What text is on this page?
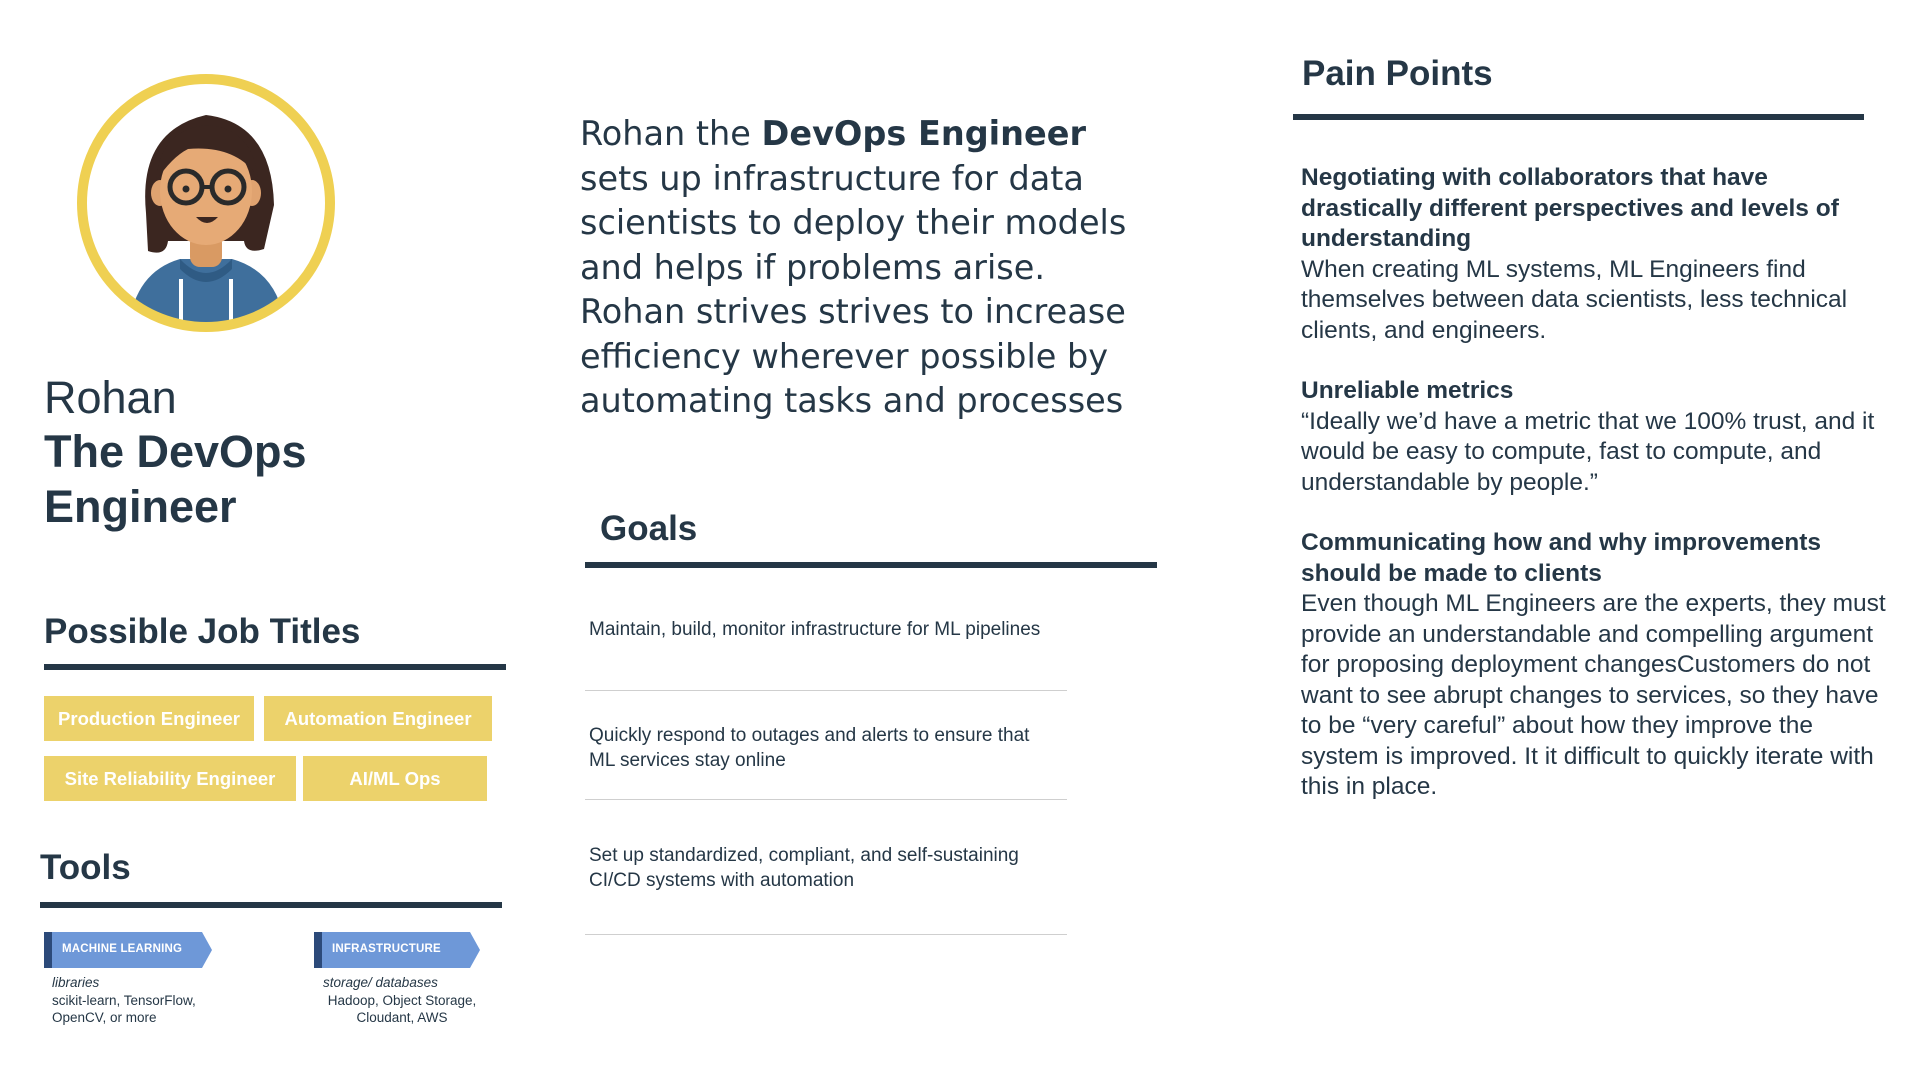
Rohan
The DevOps
Engineer
Possible Job Titles
Production Engineer	Automation Engineer
Site Reliability Engineer	AI/ML Ops
Tools
MACHINE LEARNING
libraries
scikit-learn, TensorFlow,
OpenCV, or more
INFRASTRUCTURE
storage/ databases
Hadoop, Object Storage,
Cloudant, AWS
Rohan the DevOps Engineer sets up infrastructure for data scientists to deploy their models and helps if problems arise. Rohan strives strives to increase efficiency wherever possible by automating tasks and processes
Goals
Maintain, build, monitor infrastructure for ML pipelines
Quickly respond to outages and alerts to ensure that ML services stay online
Set up standardized, compliant, and self-sustaining CI/CD systems with automation
Pain Points
Negotiating with collaborators that have drastically different perspectives and levels of understanding
When creating ML systems, ML Engineers find themselves between data scientists, less technical clients, and engineers.
Unreliable metrics
“Ideally we’d have a metric that we 100% trust, and it would be easy to compute, fast to compute, and understandable by people.”
Communicating how and why improvements should be made to clients
Even though ML Engineers are the experts, they must provide an understandable and compelling argument for proposing deployment changesCustomers do not want to see abrupt changes to services, so they have to be “very careful” about how they improve the system is improved. It it difficult to quickly iterate with this in place.
